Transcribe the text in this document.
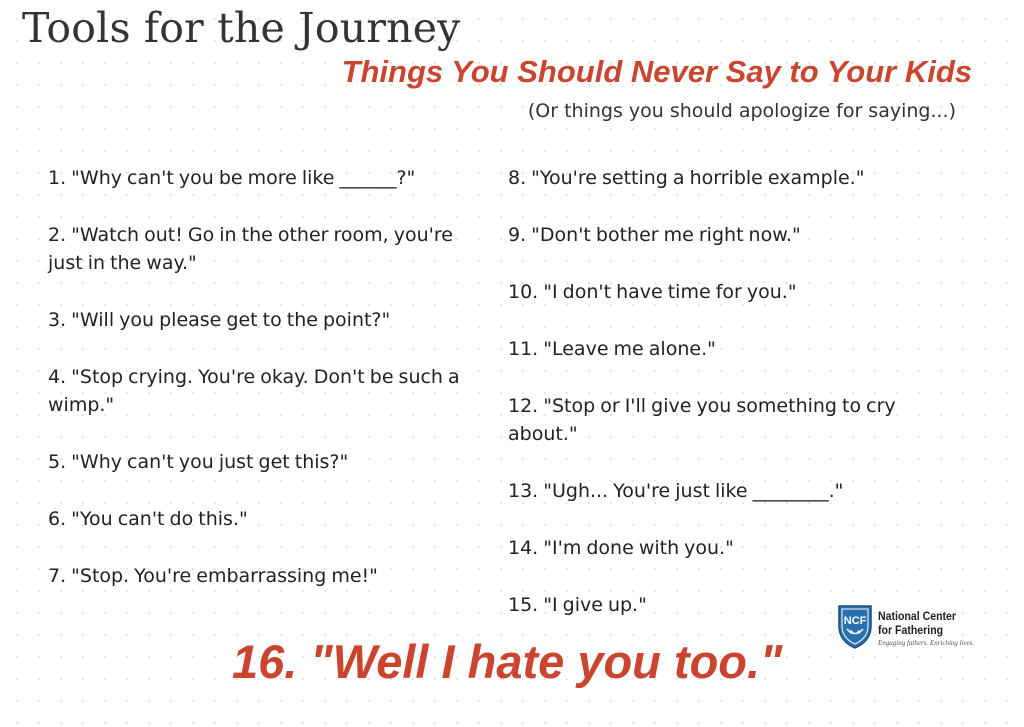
Tools for the Journey
Things You Should Never Say to Your Kids

(Or things you should apologize for saying...)

1. "Why can't you be more like ______?"
2. "Watch out! Go in the other room, you're just in the way."
3. "Will you please get to the point?"
4. "Stop crying. You're okay. Don't be such a wimp."
5. "Why can't you just get this?"
6. "You can't do this."
7. "Stop. You're embarrassing me!"
8. "You're setting a horrible example."
9. "Don't bother me right now."
10. "I don't have time for you."
11. "Leave me alone."
12. "Stop or I'll give you something to cry about."
13. "Ugh... You're just like ________."
14. "I'm done with you."
15. "I give up."

16. "Well I hate you too."

NCF National Center
for Fathering
Engaging fathers. Enriching lives.
